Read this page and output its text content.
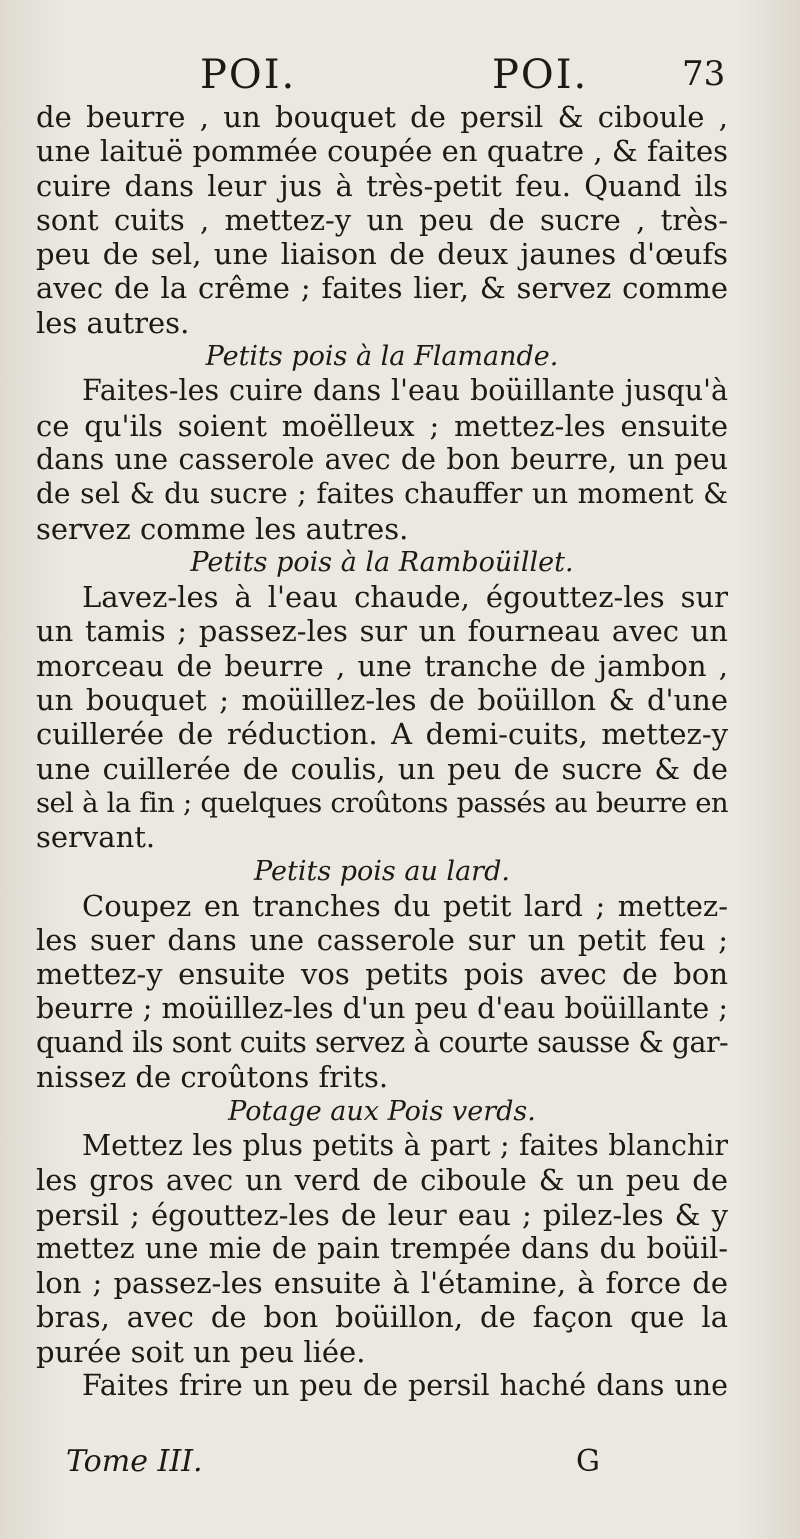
POI.	POI.	73
de beurre , un bouquet de persil & ciboule ,
une laituë pommée coupée en quatre , & faites
cuire dans leur jus à très-petit feu. Quand ils
sont cuits , mettez-y un peu de sucre , très-
peu de sel, une liaison de deux jaunes d'œufs
avec de la crême ; faites lier, & servez comme
les autres.
Petits pois à la Flamande.
Faites-les cuire dans l'eau boüillante jusqu'à
ce qu'ils soient moëlleux ; mettez-les ensuite
dans une casserole avec de bon beurre, un peu
de sel & du sucre ; faites chauffer un moment &
servez comme les autres.
Petits pois à la Ramboüillet.
Lavez-les à l'eau chaude, égouttez-les sur
un tamis ; passez-les sur un fourneau avec un
morceau de beurre , une tranche de jambon ,
un bouquet ; moüillez-les de boüillon & d'une
cuillerée de réduction. A demi-cuits, mettez-y
une cuillerée de coulis, un peu de sucre & de
sel à la fin ; quelques croûtons passés au beurre en
servant.
Petits pois au lard.
Coupez en tranches du petit lard ; mettez-
les suer dans une casserole sur un petit feu ;
mettez-y ensuite vos petits pois avec de bon
beurre ; moüillez-les d'un peu d'eau boüillante ;
quand ils sont cuits servez à courte sausse & gar-
nissez de croûtons frits.
Potage aux Pois verds.
Mettez les plus petits à part ; faites blanchir
les gros avec un verd de ciboule & un peu de
persil ; égouttez-les de leur eau ; pilez-les & y
mettez une mie de pain trempée dans du boüil-
lon ; passez-les ensuite à l'étamine, à force de
bras, avec de bon boüillon, de façon que la
purée soit un peu liée.
Faites frire un peu de persil haché dans une
Tome III.	G
